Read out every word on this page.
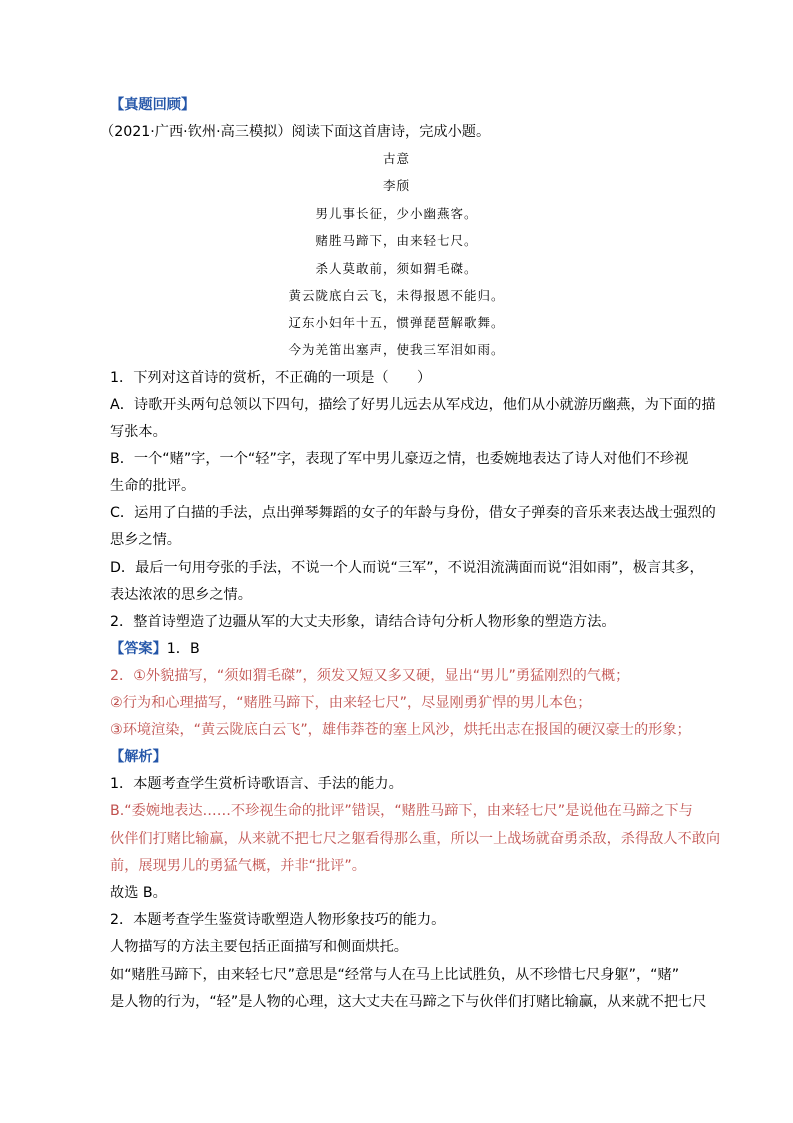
【真题回顾】
（2021·广西·钦州·高三模拟）阅读下面这首唐诗，完成小题。
古意
李颀
男儿事长征，少小幽燕客。
赌胜马蹄下，由来轻七尺。
杀人莫敢前，须如猬毛磔。
黄云陇底白云飞，未得报恩不能归。
辽东小妇年十五，惯弹琵琶解歌舞。
今为羌笛出塞声，使我三军泪如雨。
1．下列对这首诗的赏析，不正确的一项是（　　）
A．诗歌开头两句总领以下四句，描绘了好男儿远去从军戍边，他们从小就游历幽燕，为下面的描
写张本。
B．一个“赌”字，一个“轻”字，表现了军中男儿豪迈之情，也委婉地表达了诗人对他们不珍视
生命的批评。
C．运用了白描的手法，点出弹琴舞蹈的女子的年龄与身份，借女子弹奏的音乐来表达战士强烈的
思乡之情。
D．最后一句用夸张的手法，不说一个人而说“三军”，不说泪流满面而说“泪如雨”，极言其多，
表达浓浓的思乡之情。
2．整首诗塑造了边疆从军的大丈夫形象，请结合诗句分析人物形象的塑造方法。
【答案】1．B
2．①外貌描写，“须如猬毛磔”，须发又短又多又硬，显出“男儿”勇猛刚烈的气概；
②行为和心理描写，“赌胜马蹄下，由来轻七尺”，尽显刚勇犷悍的男儿本色；
③环境渲染，“黄云陇底白云飞”，雄伟莽苍的塞上风沙，烘托出志在报国的硬汉豪士的形象；
【解析】
1．本题考查学生赏析诗歌语言、手法的能力。
B.“委婉地表达……不珍视生命的批评”错误，“赌胜马蹄下，由来轻七尺”是说他在马蹄之下与
伙伴们打赌比输赢，从来就不把七尺之躯看得那么重，所以一上战场就奋勇杀敌，杀得敌人不敢向
前，展现男儿的勇猛气概，并非“批评”。
故选 B。
2．本题考查学生鉴赏诗歌塑造人物形象技巧的能力。
人物描写的方法主要包括正面描写和侧面烘托。
如“赌胜马蹄下，由来轻七尺”意思是“经常与人在马上比试胜负，从不珍惜七尺身躯”，“赌”
是人物的行为，“轻”是人物的心理，这大丈夫在马蹄之下与伙伴们打赌比输赢，从来就不把七尺
